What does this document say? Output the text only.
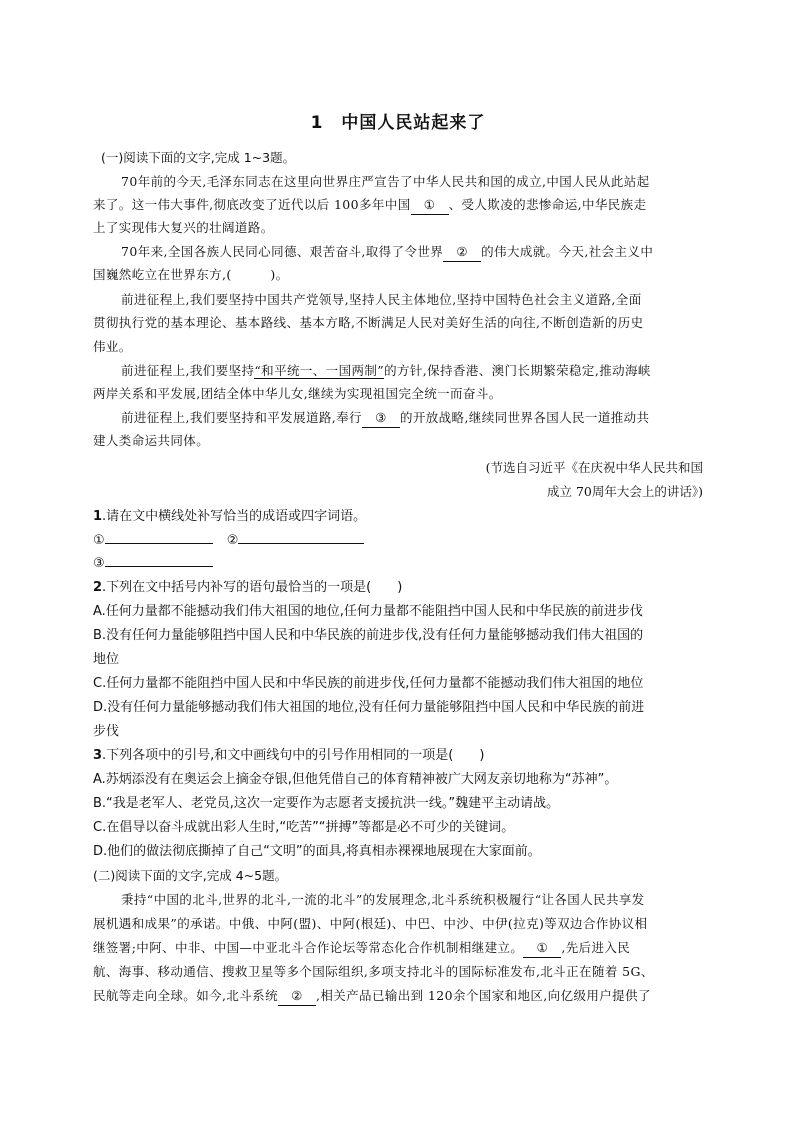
1 中国人民站起来了
(一)阅读下面的文字,完成 1~3题。
70年前的今天,毛泽东同志在这里向世界庄严宣告了中华人民共和国的成立,中国人民从此站起
来了。这一伟大事件,彻底改变了近代以后 100多年中国 ① 、受人欺凌的悲惨命运,中华民族走
上了实现伟大复兴的壮阔道路。
70年来,全国各族人民同心同德、艰苦奋斗,取得了令世界 ② 的伟大成就。今天,社会主义中
国巍然屹立在世界东方,(　　　)。
前进征程上,我们要坚持中国共产党领导,坚持人民主体地位,坚持中国特色社会主义道路,全面
贯彻执行党的基本理论、基本路线、基本方略,不断满足人民对美好生活的向往,不断创造新的历史
伟业。
前进征程上,我们要坚持“和平统一、一国两制”的方针,保持香港、澳门长期繁荣稳定,推动海峡
两岸关系和平发展,团结全体中华儿女,继续为实现祖国完全统一而奋斗。
前进征程上,我们要坚持和平发展道路,奉行 ③ 的开放战略,继续同世界各国人民一道推动共
建人类命运共同体。
(节选自习近平《在庆祝中华人民共和国
成立 70周年大会上的讲话》)
1.请在文中横线处补写恰当的成语或四字词语。
①	②
③
2.下列在文中括号内补写的语句最恰当的一项是(　　)
A.任何力量都不能撼动我们伟大祖国的地位,任何力量都不能阻挡中国人民和中华民族的前进步伐
B.没有任何力量能够阻挡中国人民和中华民族的前进步伐,没有任何力量能够撼动我们伟大祖国的
地位
C.任何力量都不能阻挡中国人民和中华民族的前进步伐,任何力量都不能撼动我们伟大祖国的地位
D.没有任何力量能够撼动我们伟大祖国的地位,没有任何力量能够阻挡中国人民和中华民族的前进
步伐
3.下列各项中的引号,和文中画线句中的引号作用相同的一项是(　　)
A.苏炳添没有在奥运会上摘金夺银,但他凭借自己的体育精神被广大网友亲切地称为“苏神”。
B.“我是老军人、老党员,这次一定要作为志愿者支援抗洪一线。”魏建平主动请战。
C.在倡导以奋斗成就出彩人生时,“吃苦”“拼搏”等都是必不可少的关键词。
D.他们的做法彻底撕掉了自己“文明”的面具,将真相赤裸裸地展现在大家面前。
(二)阅读下面的文字,完成 4~5题。
秉持“中国的北斗,世界的北斗,一流的北斗”的发展理念,北斗系统积极履行“让各国人民共享发
展机遇和成果”的承诺。中俄、中阿(盟)、中阿(根廷)、中巴、中沙、中伊(拉克)等双边合作协议相
继签署;中阿、中非、中国—中亚北斗合作论坛等常态化合作机制相继建立。 ① ,先后进入民
航、海事、移动通信、搜救卫星等多个国际组织,多项支持北斗的国际标准发布,北斗正在随着 5G、
民航等走向全球。如今,北斗系统 ② ,相关产品已输出到 120余个国家和地区,向亿级用户提供了
